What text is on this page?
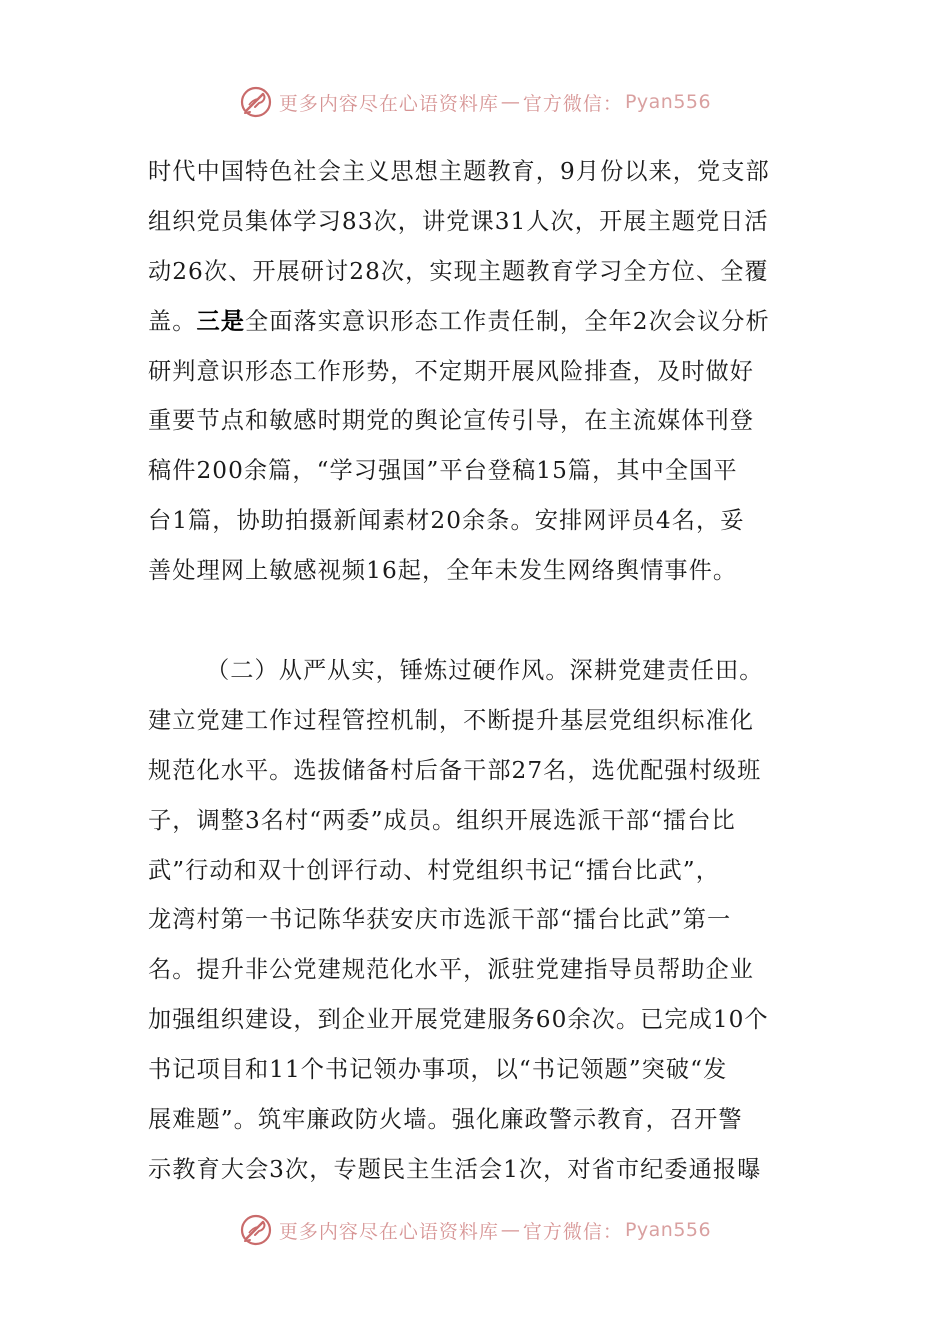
更多内容尽在心语资料库 — 官方微信： Pyan556
时代中国特色社会主义思想主题教育，9月份以来，党支部
组织党员集体学习83次，讲党课31人次，开展主题党日活
动26次、开展研讨28次，实现主题教育学习全方位、全覆
盖。三是全面落实意识形态工作责任制，全年2次会议分析
研判意识形态工作形势，不定期开展风险排查，及时做好
重要节点和敏感时期党的舆论宣传引导，在主流媒体刊登
稿件200余篇，“学习强国”平台登稿15篇，其中全国平
台1篇，协助拍摄新闻素材20余条。安排网评员4名，妥
善处理网上敏感视频16起，全年未发生网络舆情事件。
（二）从严从实，锤炼过硬作风。深耕党建责任田。
建立党建工作过程管控机制，不断提升基层党组织标准化
规范化水平。选拔储备村后备干部27名，选优配强村级班
子，调整3名村“两委”成员。组织开展选派干部“擂台比
武”行动和双十创评行动、村党组织书记“擂台比武”，
龙湾村第一书记陈华获安庆市选派干部“擂台比武”第一
名。提升非公党建规范化水平，派驻党建指导员帮助企业
加强组织建设，到企业开展党建服务60余次。已完成10个
书记项目和11个书记领办事项，以“书记领题”突破“发
展难题”。筑牢廉政防火墙。强化廉政警示教育，召开警
示教育大会3次，专题民主生活会1次，对省市纪委通报曝
更多内容尽在心语资料库 — 官方微信： Pyan556
